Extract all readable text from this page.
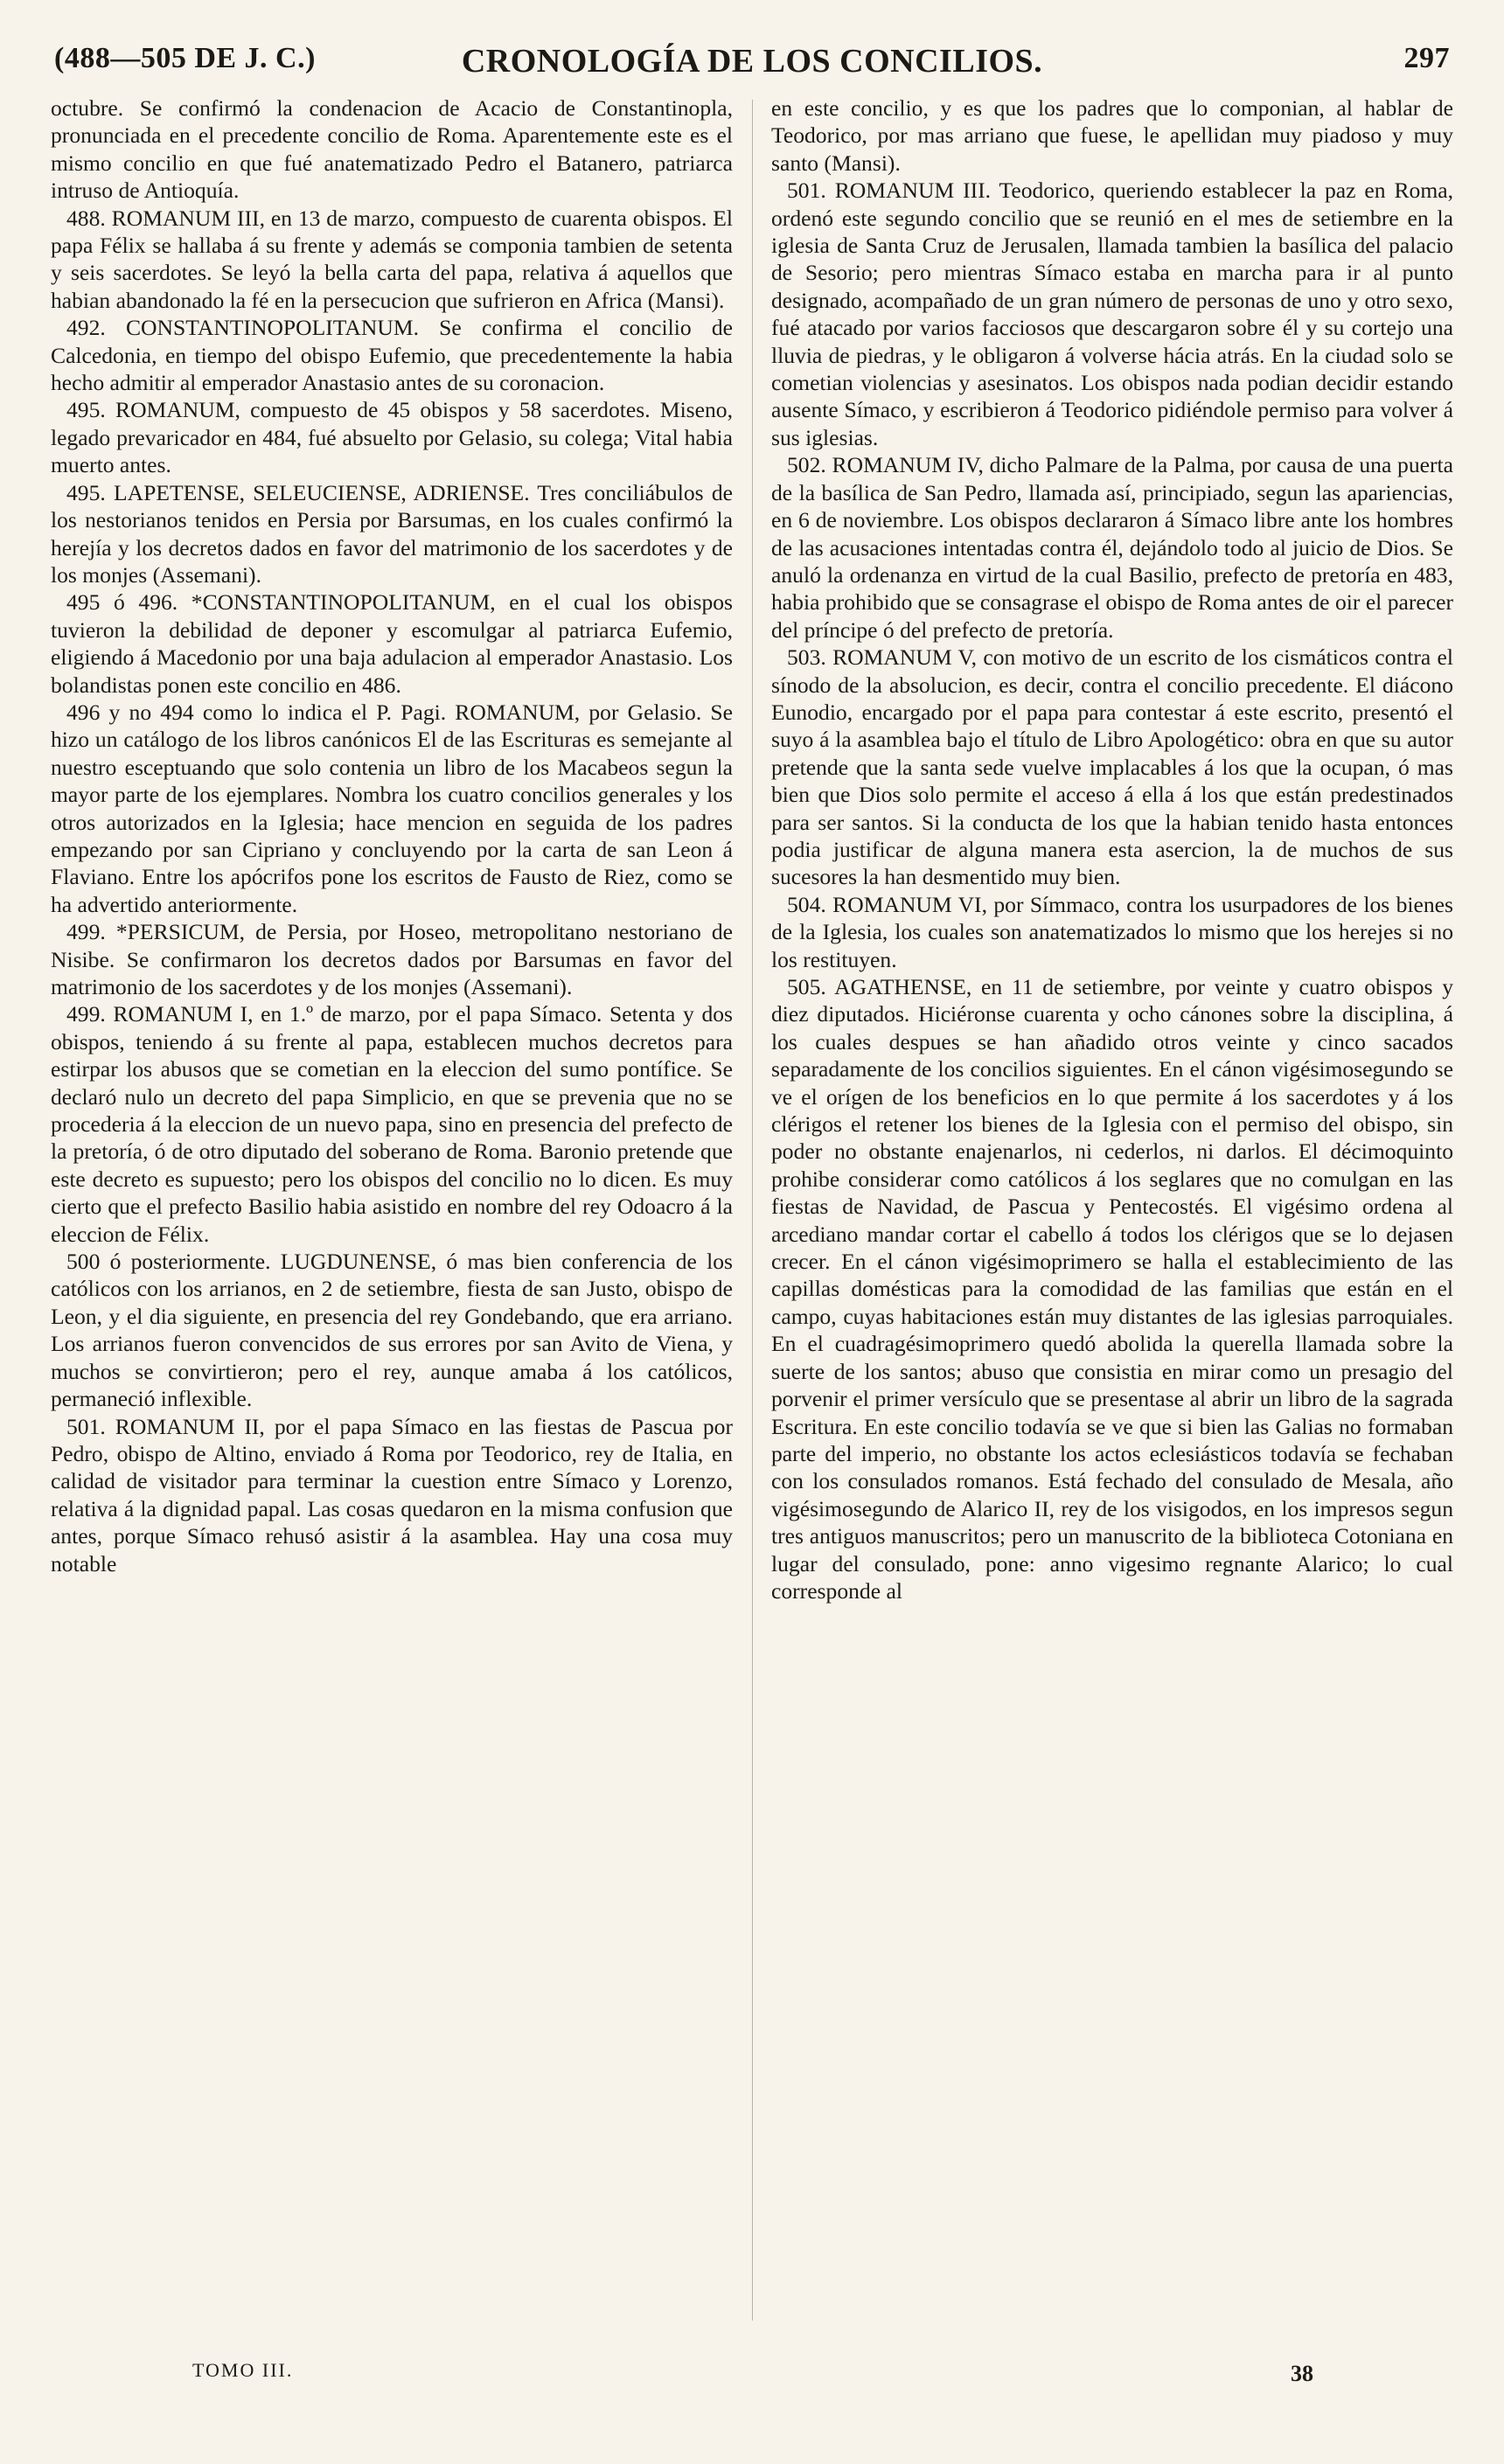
(488—505 DE J. C.)	CRONOLOGÍA DE LOS CONCILIOS.	297

octubre. Se confirmó la condenacion de Acacio de Constantinopla, pronunciada en el precedente concilio de Roma. Aparentemente este es el mismo concilio en que fué anatematizado Pedro el Batanero, patriarca intruso de Antioquía.

488. ROMANUM III, en 13 de marzo, compuesto de cuarenta obispos. El papa Félix se hallaba á su frente y además se componia tambien de setenta y seis sacerdotes. Se leyó la bella carta del papa, relativa á aquellos que habian abandonado la fé en la persecucion que sufrieron en Africa (Mansi).

492. CONSTANTINOPOLITANUM. Se confirma el concilio de Calcedonia, en tiempo del obispo Eufemio, que precedentemente la habia hecho admitir al emperador Anastasio antes de su coronacion.

495. ROMANUM, compuesto de 45 obispos y 58 sacerdotes. Miseno, legado prevaricador en 484, fué absuelto por Gelasio, su colega; Vital habia muerto antes.

495. LAPETENSE, SELEUCIENSE, ADRIENSE. Tres conciliábulos de los nestorianos tenidos en Persia por Barsumas, en los cuales confirmó la herejía y los decretos dados en favor del matrimonio de los sacerdotes y de los monjes (Assemani).

495 ó 496. *CONSTANTINOPOLITANUM, en el cual los obispos tuvieron la debilidad de deponer y escomulgar al patriarca Eufemio, eligiendo á Macedonio por una baja adulacion al emperador Anastasio. Los bolandistas ponen este concilio en 486.

496 y no 494 como lo indica el P. Pagi. ROMANUM, por Gelasio. Se hizo un catálogo de los libros canónicos El de las Escrituras es semejante al nuestro esceptuando que solo contenia un libro de los Macabeos segun la mayor parte de los ejemplares. Nombra los cuatro concilios generales y los otros autorizados en la Iglesia; hace mencion en seguida de los padres empezando por san Cipriano y concluyendo por la carta de san Leon á Flaviano. Entre los apócrifos pone los escritos de Fausto de Riez, como se ha advertido anteriormente.

499. *PERSICUM, de Persia, por Hoseo, metropolitano nestoriano de Nisibe. Se confirmaron los decretos dados por Barsumas en favor del matrimonio de los sacerdotes y de los monjes (Assemani).

499. ROMANUM I, en 1.º de marzo, por el papa Símaco. Setenta y dos obispos, teniendo á su frente al papa, establecen muchos decretos para estirpar los abusos que se cometian en la eleccion del sumo pontífice. Se declaró nulo un decreto del papa Simplicio, en que se prevenia que no se procederia á la eleccion de un nuevo papa, sino en presencia del prefecto de la pretoría, ó de otro diputado del soberano de Roma. Baronio pretende que este decreto es supuesto; pero los obispos del concilio no lo dicen. Es muy cierto que el prefecto Basilio habia asistido en nombre del rey Odoacro á la eleccion de Félix.

500 ó posteriormente. LUGDUNENSE, ó mas bien conferencia de los católicos con los arrianos, en 2 de setiembre, fiesta de san Justo, obispo de Leon, y el dia siguiente, en presencia del rey Gondebando, que era arriano. Los arrianos fueron convencidos de sus errores por san Avito de Viena, y muchos se convirtieron; pero el rey, aunque amaba á los católicos, permaneció inflexible.

501. ROMANUM II, por el papa Símaco en las fiestas de Pascua por Pedro, obispo de Altino, enviado á Roma por Teodorico, rey de Italia, en calidad de visitador para terminar la cuestion entre Símaco y Lorenzo, relativa á la dignidad papal. Las cosas quedaron en la misma confusion que antes, porque Símaco rehusó asistir á la asamblea. Hay una cosa muy notable

en este concilio, y es que los padres que lo componian, al hablar de Teodorico, por mas arriano que fuese, le apellidan muy piadoso y muy santo (Mansi).

501. ROMANUM III. Teodorico, queriendo establecer la paz en Roma, ordenó este segundo concilio que se reunió en el mes de setiembre en la iglesia de Santa Cruz de Jerusalen, llamada tambien la basílica del palacio de Sesorio; pero mientras Símaco estaba en marcha para ir al punto designado, acompañado de un gran número de personas de uno y otro sexo, fué atacado por varios facciosos que descargaron sobre él y su cortejo una lluvia de piedras, y le obligaron á volverse hácia atrás. En la ciudad solo se cometian violencias y asesinatos. Los obispos nada podian decidir estando ausente Símaco, y escribieron á Teodorico pidiéndole permiso para volver á sus iglesias.

502. ROMANUM IV, dicho Palmare de la Palma, por causa de una puerta de la basílica de San Pedro, llamada así, principiado, segun las apariencias, en 6 de noviembre. Los obispos declararon á Símaco libre ante los hombres de las acusaciones intentadas contra él, dejándolo todo al juicio de Dios. Se anuló la ordenanza en virtud de la cual Basilio, prefecto de pretoría en 483, habia prohibido que se consagrase el obispo de Roma antes de oir el parecer del príncipe ó del prefecto de pretoría.

503. ROMANUM V, con motivo de un escrito de los cismáticos contra el sínodo de la absolucion, es decir, contra el concilio precedente. El diácono Eunodio, encargado por el papa para contestar á este escrito, presentó el suyo á la asamblea bajo el título de Libro Apologético: obra en que su autor pretende que la santa sede vuelve implacables á los que la ocupan, ó mas bien que Dios solo permite el acceso á ella á los que están predestinados para ser santos. Si la conducta de los que la habian tenido hasta entonces podia justificar de alguna manera esta asercion, la de muchos de sus sucesores la han desmentido muy bien.

504. ROMANUM VI, por Símmaco, contra los usurpadores de los bienes de la Iglesia, los cuales son anatematizados lo mismo que los herejes si no los restituyen.

505. AGATHENSE, en 11 de setiembre, por veinte y cuatro obispos y diez diputados. Hiciéronse cuarenta y ocho cánones sobre la disciplina, á los cuales despues se han añadido otros veinte y cinco sacados separadamente de los concilios siguientes. En el cánon vigésimosegundo se ve el orígen de los beneficios en lo que permite á los sacerdotes y á los clérigos el retener los bienes de la Iglesia con el permiso del obispo, sin poder no obstante enajenarlos, ni cederlos, ni darlos. El décimoquinto prohibe considerar como católicos á los seglares que no comulgan en las fiestas de Navidad, de Pascua y Pentecostés. El vigésimo ordena al arcediano mandar cortar el cabello á todos los clérigos que se lo dejasen crecer. En el cánon vigésimoprimero se halla el establecimiento de las capillas domésticas para la comodidad de las familias que están en el campo, cuyas habitaciones están muy distantes de las iglesias parroquiales. En el cuadragésimoprimero quedó abolida la querella llamada sobre la suerte de los santos; abuso que consistia en mirar como un presagio del porvenir el primer versículo que se presentase al abrir un libro de la sagrada Escritura. En este concilio todavía se ve que si bien las Galias no formaban parte del imperio, no obstante los actos eclesiásticos todavía se fechaban con los consulados romanos. Está fechado del consulado de Mesala, año vigésimosegundo de Alarico II, rey de los visigodos, en los impresos segun tres antiguos manuscritos; pero un manuscrito de la biblioteca Cotoniana en lugar del consulado, pone: anno vigesimo regnante Alarico; lo cual corresponde al

TOMO III.	38
